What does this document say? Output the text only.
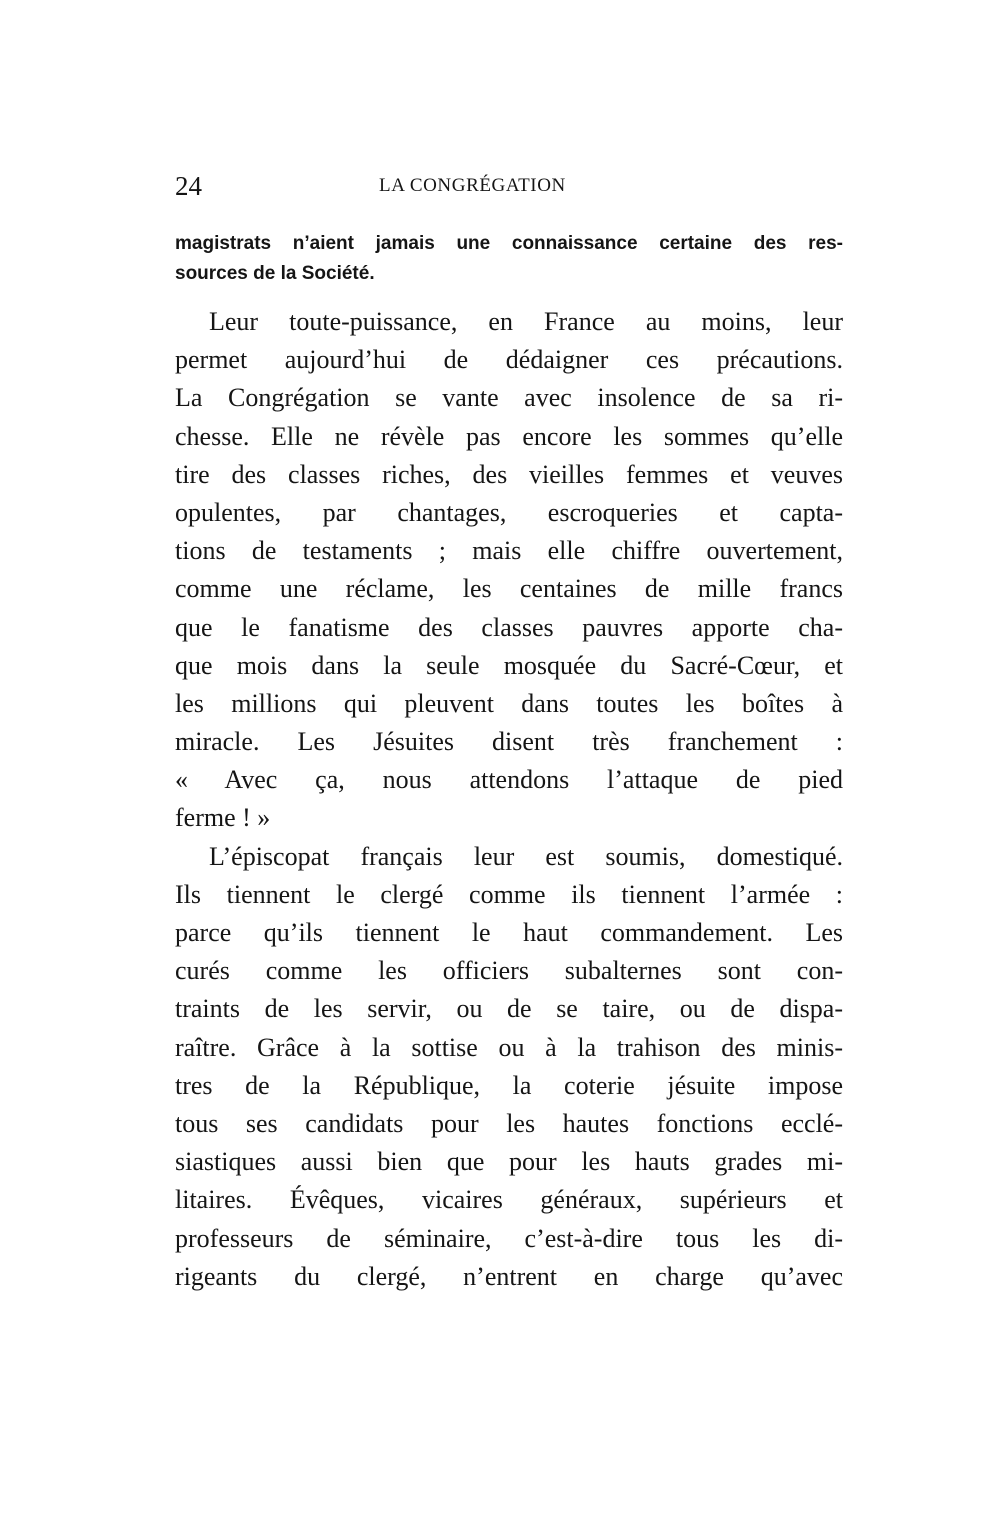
24	LA CONGRÉGATION
magistrats n’aient jamais une connaissance certaine des res-
sources de la Société.
Leur toute-puissance, en France au moins, leur
permet aujourd’hui de dédaigner ces précautions.
La Congrégation se vante avec insolence de sa ri-
chesse. Elle ne révèle pas encore les sommes qu’elle
tire des classes riches, des vieilles femmes et veuves
opulentes, par chantages, escroqueries et capta-
tions de testaments ; mais elle chiffre ouvertement,
comme une réclame, les centaines de mille francs
que le fanatisme des classes pauvres apporte cha-
que mois dans la seule mosquée du Sacré-Cœur, et
les millions qui pleuvent dans toutes les boîtes à
miracle. Les Jésuites disent très franchement :
« Avec ça, nous attendons l’attaque de pied
ferme ! »
L’épiscopat français leur est soumis, domestiqué.
Ils tiennent le clergé comme ils tiennent l’armée :
parce qu’ils tiennent le haut commandement. Les
curés comme les officiers subalternes sont con-
traints de les servir, ou de se taire, ou de dispa-
raître. Grâce à la sottise ou à la trahison des minis-
tres de la République, la coterie jésuite impose
tous ses candidats pour les hautes fonctions ecclé-
siastiques aussi bien que pour les hauts grades mi-
litaires. Évêques, vicaires généraux, supérieurs et
professeurs de séminaire, c’est-à-dire tous les di-
rigeants du clergé, n’entrent en charge qu’avec
